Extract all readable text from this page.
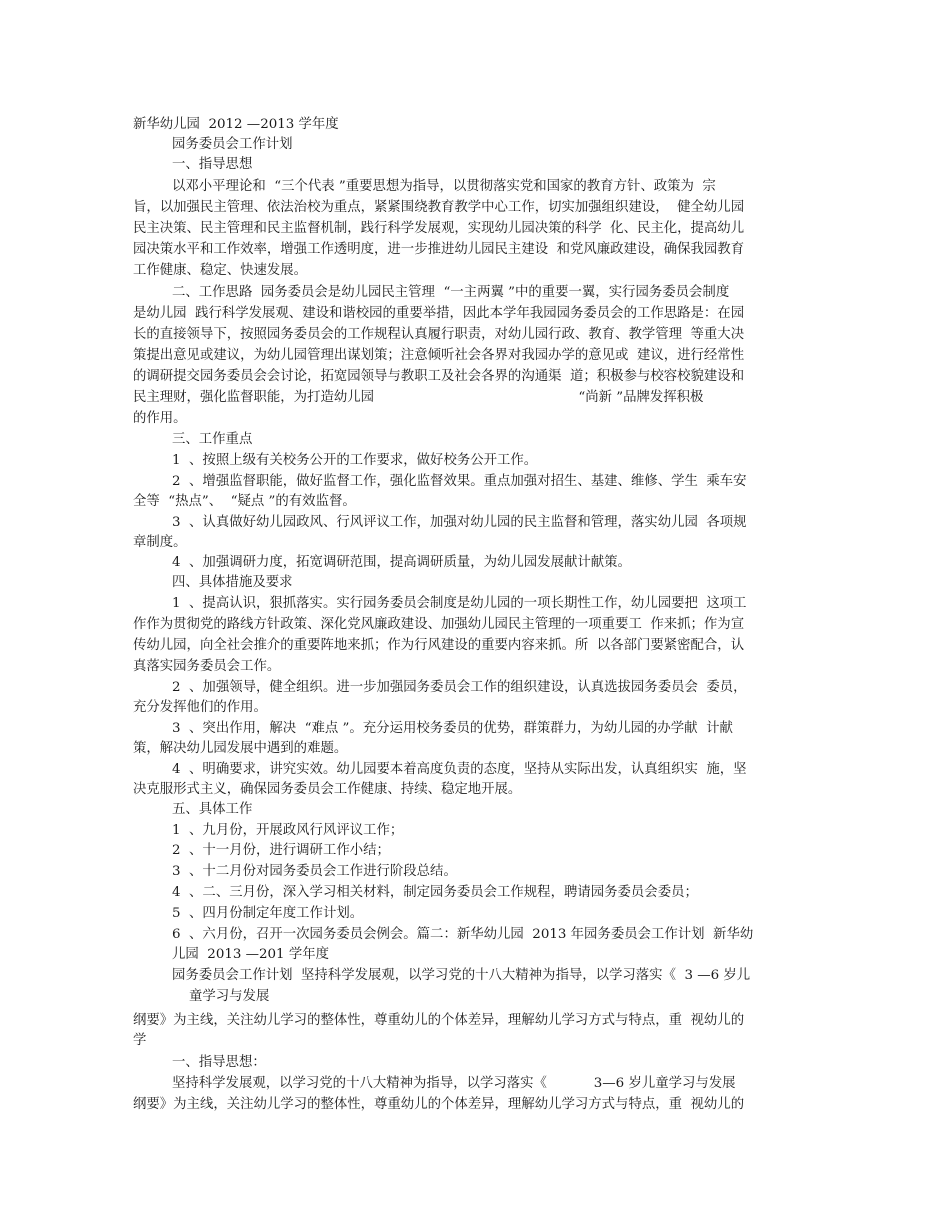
新华幼儿园  2012 —2013 学年度
园务委员会工作计划
一、指导思想
以邓小平理论和  “三个代表 ”重要思想为指导，以贯彻落实党和国家的教育方针、政策为  宗
旨，以加强民主管理、依法治校为重点，紧紧围绕教育教学中心工作，切实加强组织建设，  健全幼儿园
民主决策、民主管理和民主监督机制，践行科学发展观，实现幼儿园决策的科学  化、民主化，提高幼儿
园决策水平和工作效率，增强工作透明度，进一步推进幼儿园民主建设  和党风廉政建设，确保我园教育
工作健康、稳定、快速发展。
二、工作思路  园务委员会是幼儿园民主管理  “一主两翼 ”中的重要一翼，实行园务委员会制度
是幼儿园  践行科学发展观、建设和谐校园的重要举措，因此本学年我园园务委员会的工作思路是：在园
长的直接领导下，按照园务委员会的工作规程认真履行职责，对幼儿园行政、教育、教学管理  等重大决
策提出意见或建议，为幼儿园管理出谋划策；注意倾听社会各界对我园办学的意见或  建议，进行经常性
的调研提交园务委员会会讨论，拓宽园领导与教职工及社会各界的沟通渠  道；积极参与校容校貌建设和
民主理财，强化监督职能，为打造幼儿园                                                “尚新 ”品牌发挥积极
的作用。
三、工作重点
1  、按照上级有关校务公开的工作要求，做好校务公开工作。
2  、增强监督职能，做好监督工作，强化监督效果。重点加强对招生、基建、维修、学生  乘车安
全等  “热点”、  “疑点 ”的有效监督。
3  、认真做好幼儿园政风、行风评议工作，加强对幼儿园的民主监督和管理，落实幼儿园  各项规
章制度。
4  、加强调研力度，拓宽调研范围，提高调研质量，为幼儿园发展献计献策。
四、具体措施及要求
1  、提高认识，狠抓落实。实行园务委员会制度是幼儿园的一项长期性工作，幼儿园要把  这项工
作作为贯彻党的路线方针政策、深化党风廉政建设、加强幼儿园民主管理的一项重要工  作来抓；作为宣
传幼儿园，向全社会推介的重要阵地来抓；作为行风建设的重要内容来抓。所  以各部门要紧密配合，认
真落实园务委员会工作。
2  、加强领导，健全组织。进一步加强园务委员会工作的组织建设，认真选拔园务委员会  委员，
充分发挥他们的作用。
3  、突出作用，解决  “难点 ”。充分运用校务委员的优势，群策群力，为幼儿园的办学献  计献
策，解决幼儿园发展中遇到的难题。
4  、明确要求，讲究实效。幼儿园要本着高度负责的态度，坚持从实际出发，认真组织实  施，坚
决克服形式主义，确保园务委员会工作健康、持续、稳定地开展。
五、具体工作
1  、九月份，开展政风行风评议工作；
2  、十一月份，进行调研工作小结；
3  、十二月份对园务委员会工作进行阶段总结。
4  、二、三月份，深入学习相关材料，制定园务委员会工作规程，聘请园务委员会委员；
5  、四月份制定年度工作计划。
6  、六月份，召开一次园务委员会例会。篇二：新华幼儿园  2013 年园务委员会工作计划  新华幼
儿园  2013 —201 学年度
园务委员会工作计划  坚持科学发展观，以学习党的十八大精神为指导，以学习落实《  3 —6 岁儿
童学习与发展
纲要》为主线，关注幼儿学习的整体性，尊重幼儿的个体差异，理解幼儿学习方式与特点，重  视幼儿的
学
一、指导思想：
坚持科学发展观，以学习党的十八大精神为指导，以学习落实《           3—6 岁儿童学习与发展
纲要》为主线，关注幼儿学习的整体性，尊重幼儿的个体差异，理解幼儿学习方式与特点，重  视幼儿的
